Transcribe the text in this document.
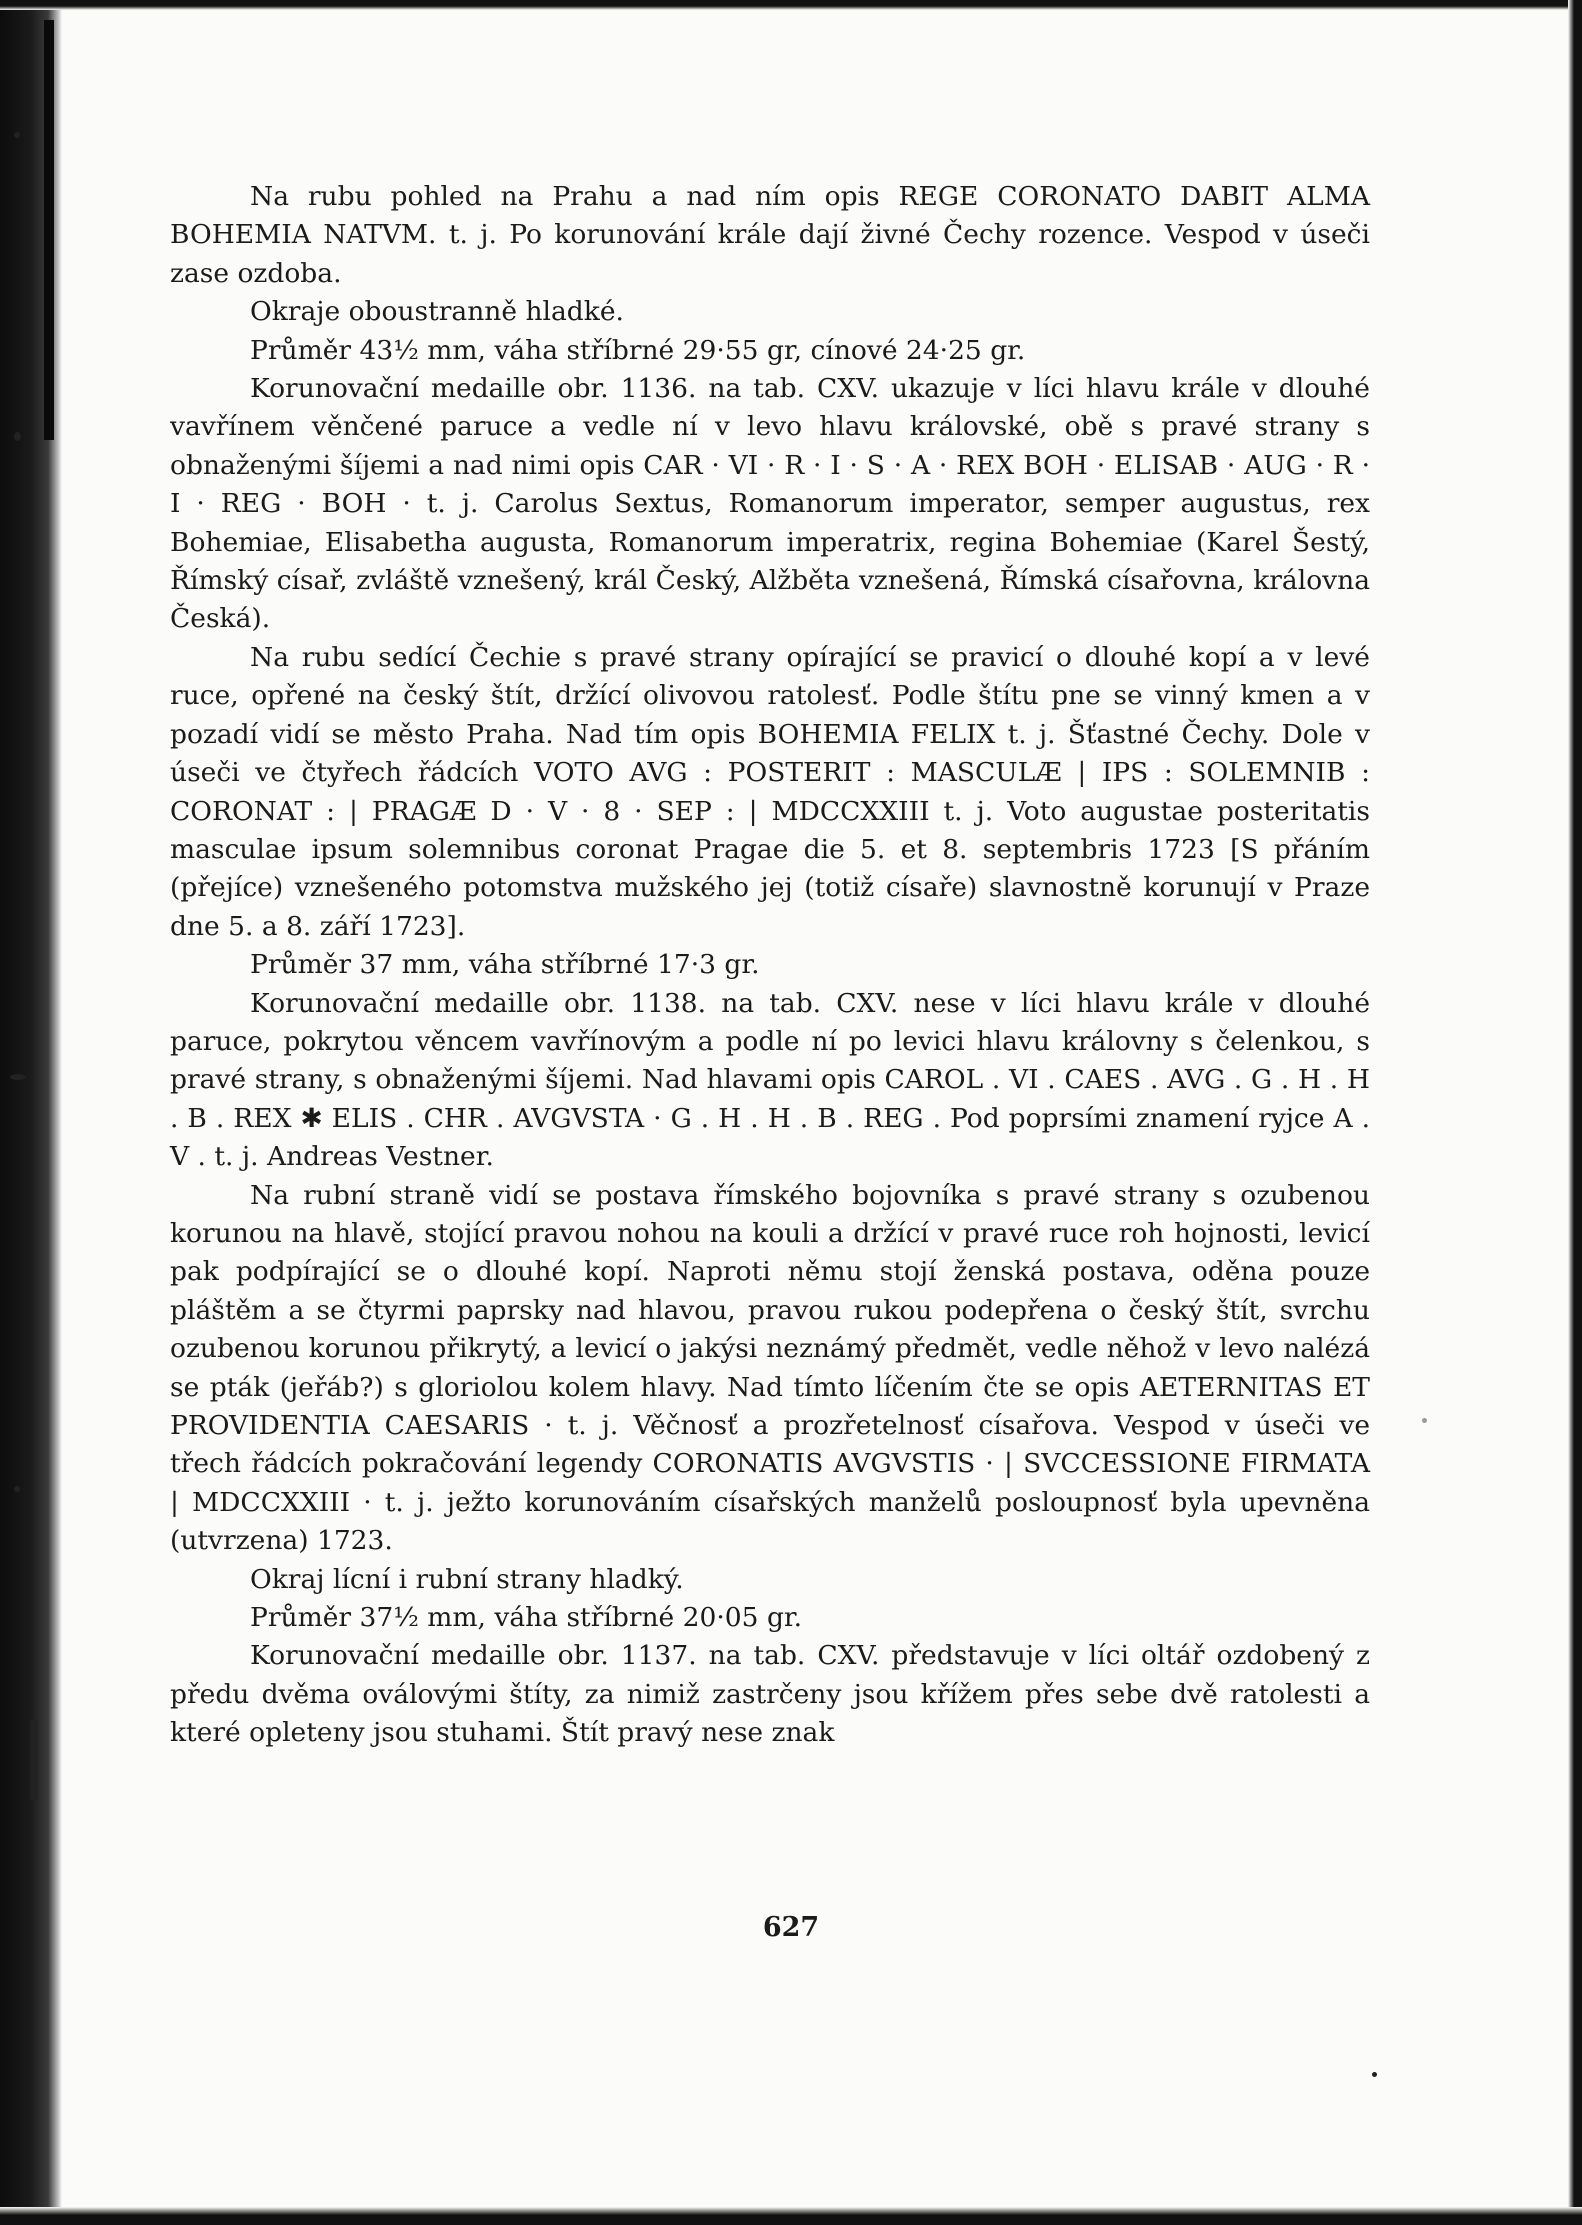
Na rubu pohled na Prahu a nad ním opis REGE CORONATO DABIT ALMA BOHEMIA NATVM. t. j. Po korunování krále dají živné Čechy rozence. Vespod v úseči zase ozdoba.

Okraje oboustranně hladké.

Průměr 43½ mm, váha stříbrné 29·55 gr, cínové 24·25 gr.

Korunovační medaille obr. 1136. na tab. CXV. ukazuje v líci hlavu krále v dlouhé vavřínem věnčené paruce a vedle ní v levo hlavu královské, obě s pravé strany s obnaženými šíjemi a nad nimi opis CAR · VI · R · I · S · A · REX BOH · ELISAB · AUG · R · I · REG · BOH · t. j. Carolus Sextus, Romanorum imperator, semper augustus, rex Bohemiae, Elisabetha augusta, Romanorum imperatrix, regina Bohemiae (Karel Šestý, Římský císař, zvláště vznešený, král Český, Alžběta vznešená, Římská císařovna, královna Česká).

Na rubu sedící Čechie s pravé strany opírající se pravicí o dlouhé kopí a v levé ruce, opřené na český štít, držící olivovou ratolesť. Podle štítu pne se vinný kmen a v pozadí vidí se město Praha. Nad tím opis BOHEMIA FELIX t. j. Šťastné Čechy. Dole v úseči ve čtyřech řádcích VOTO AVG : POSTERIT : MASCULÆ | IPS : SOLEMNIB : CORONAT : | PRAGÆ D · V · 8 · SEP : | MDCCXXIII t. j. Voto augustae posteritatis masculae ipsum solemnibus coronat Pragae die 5. et 8. septembris 1723 [S přáním (přejíce) vznešeného potomstva mužského jej (totiž císaře) slavnostně korunují v Praze dne 5. a 8. září 1723].

Průměr 37 mm, váha stříbrné 17·3 gr.

Korunovační medaille obr. 1138. na tab. CXV. nese v líci hlavu krále v dlouhé paruce, pokrytou věncem vavřínovým a podle ní po levici hlavu královny s čelenkou, s pravé strany, s obnaženými šíjemi. Nad hlavami opis CAROL . VI . CAES . AVG . G . H . H . B . REX ✱ ELIS . CHR . AVGVSTA · G . H . H . B . REG . Pod poprsími znamení ryjce A . V . t. j. Andreas Vestner.

Na rubní straně vidí se postava římského bojovníka s pravé strany s ozubenou korunou na hlavě, stojící pravou nohou na kouli a držící v pravé ruce roh hojnosti, levicí pak podpírající se o dlouhé kopí. Naproti němu stojí ženská postava, oděna pouze pláštěm a se čtyrmi paprsky nad hlavou, pravou rukou podepřena o český štít, svrchu ozubenou korunou přikrytý, a levicí o jakýsi neznámý předmět, vedle něhož v levo nalézá se pták (jeřáb?) s gloriolou kolem hlavy. Nad tímto líčením čte se opis AETERNITAS ET PROVIDENTIA CAESARIS · t. j. Věčnosť a prozřetelnosť císařova. Vespod v úseči ve třech řádcích pokračování legendy CORONATIS AVGVSTIS · | SVCCESSIONE FIRMATA | MDCCXXIII · t. j. ježto korunováním císařských manželů posloupnosť byla upevněna (utvrzena) 1723.

Okraj lícní i rubní strany hladký.

Průměr 37½ mm, váha stříbrné 20·05 gr.

Korunovační medaille obr. 1137. na tab. CXV. představuje v líci oltář ozdobený z předu dvěma oválovými štíty, za nimiž zastrčeny jsou křížem přes sebe dvě ratolesti a které opleteny jsou stuhami. Štít pravý nese znak

627
